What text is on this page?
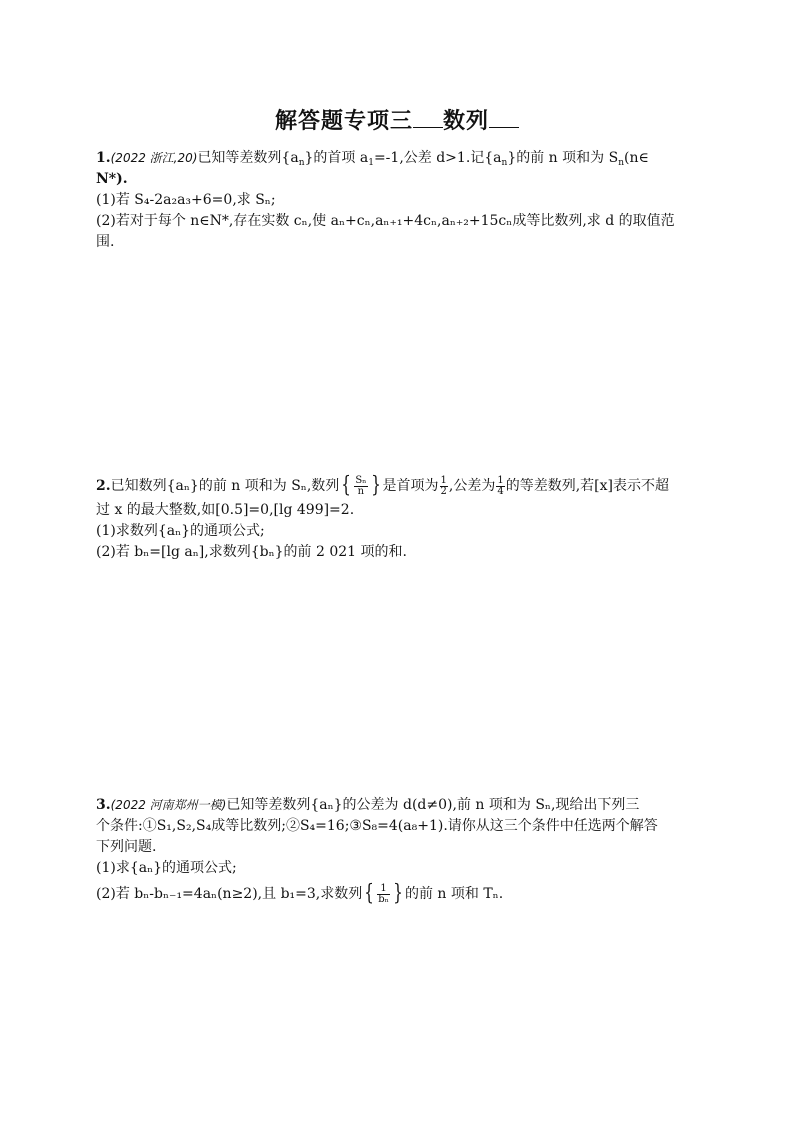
解答题专项三 数列

1.(2022 浙江,20)已知等差数列$\{a_n\}$的首项 $a_1=-1$,公差 d>1.记$\{a_n\}$的前 n 项和为 $S_n(n\in$

N*).

(1)若 S₄-2a₂a₃+6=0,求 Sₙ;

(2)若对于每个 n∈N*,存在实数 cₙ,使 aₙ+cₙ,aₙ₊₁+4cₙ,aₙ₊₂+15cₙ成等比数列,求 d 的取值范

围.

2.已知数列{aₙ}的前 n 项和为 Sₙ,数列{ $\frac{\text{Sₙ}}{n}$ } 是首项为 $\frac{1}{2}$ ,公差为 $\frac{1}{4}$ 的等差数列,若[x]表示不超

过 x 的最大整数,如[0.5]=0,[lg 499]=2.

(1)求数列{aₙ}的通项公式;

(2)若 bₙ=[lg aₙ],求数列{bₙ}的前 2 021 项的和.

3.(2022 河南郑州一模)已知等差数列{aₙ}的公差为 d(d≠0),前 n 项和为 Sₙ,现给出下列三

个条件:①S₁,S₂,S₄成等比数列;②S₄=16;③S₈=4(a₈+1).请你从这三个条件中任选两个解答

下列问题.

(1)求{aₙ}的通项公式;

(2)若 bₙ-bₙ₋₁=4aₙ(n≥2),且 b₁=3,求数列{ $\frac{1}{\text{bₙ}}$ } 的前 n 项和 Tₙ.
